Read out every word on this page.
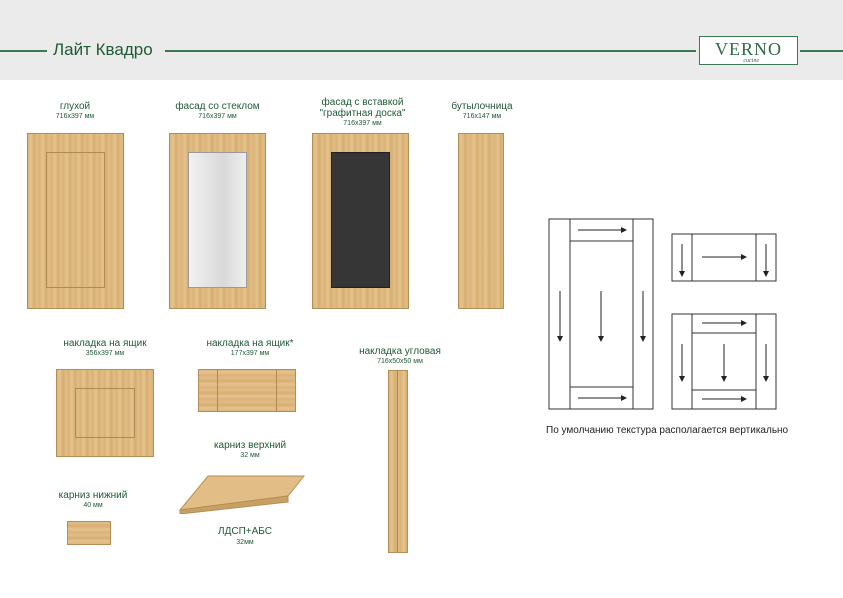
Лайт Квадро	VERNO
cucine
глухой
716x397 мм
фасад со стеклом
716x397 мм
фасад с вставкой
"графитная доска"
716x397 мм
бутылочница
716x147 мм
накладка на ящик
356x397 мм
накладка на ящик*
177x397 мм	накладка угловая
716x50x50 мм
карниз верхний
32 мм
карниз нижний
40 мм
ЛДСП+АБС
32мм
По умолчанию текстура располагается вертикально
